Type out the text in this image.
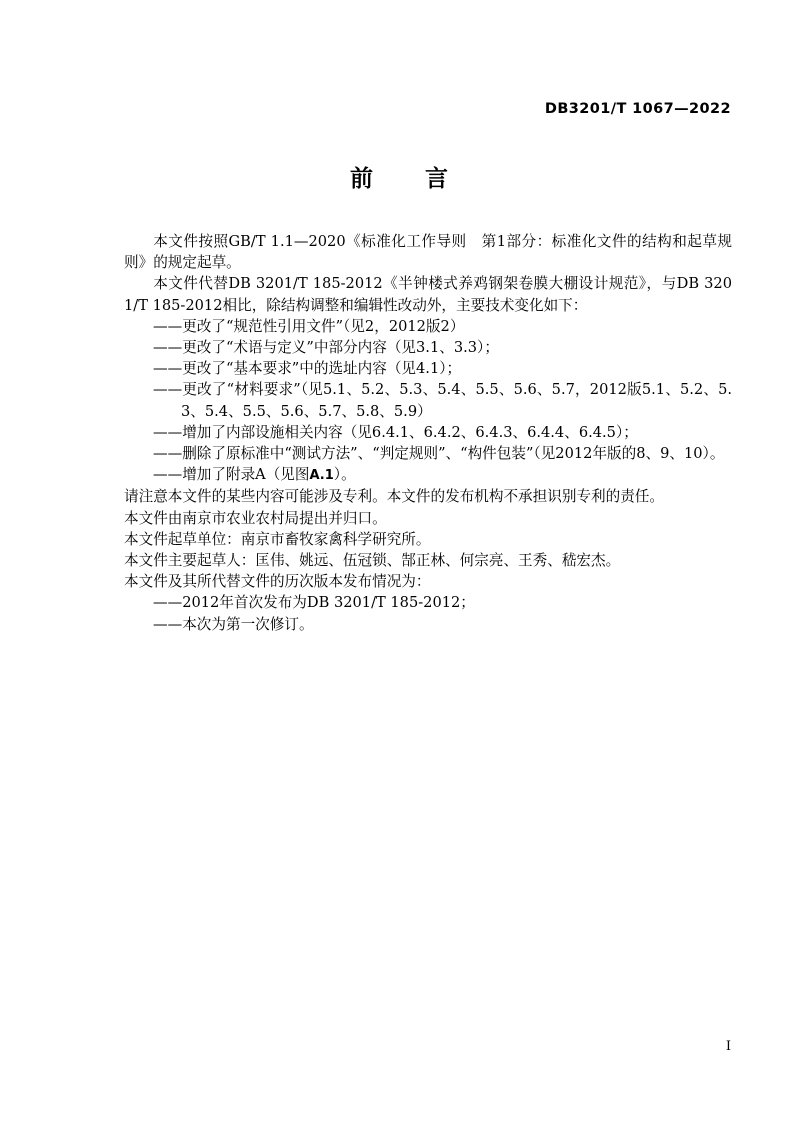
DB3201/T 1067—2022
前　　言

本文件按照GB/T 1.1—2020《标准化工作导则　第1部分：标准化文件的结构和起草规则》的规定起草。

本文件代替DB 3201/T 185-2012《半钟楼式养鸡钢架卷膜大棚设计规范》，与DB 3201/T 185-2012相比，除结构调整和编辑性改动外，主要技术变化如下：

——更改了“规范性引用文件”（见2，2012版2）

——更改了“术语与定义”中部分内容（见3.1、3.3）；

——更改了“基本要求”中的选址内容（见4.1）；

——更改了“材料要求”（见5.1、5.2、5.3、5.4、5.5、5.6、5.7，2012版5.1、5.2、5.3、5.4、5.5、5.6、5.7、5.8、5.9）

——增加了内部设施相关内容（见6.4.1、6.4.2、6.4.3、6.4.4、6.4.5）；

——删除了原标准中“测试方法”、“判定规则”、“构件包装”（见2012年版的8、9、10）。

——增加了附录A（见图A.1）。

请注意本文件的某些内容可能涉及专利。本文件的发布机构不承担识别专利的责任。

本文件由南京市农业农村局提出并归口。

本文件起草单位：南京市畜牧家禽科学研究所。

本文件主要起草人：匡伟、姚远、伍冠锁、郜正林、何宗亮、王秀、嵇宏杰。

本文件及其所代替文件的历次版本发布情况为：

——2012年首次发布为DB 3201/T 185-2012；

——本次为第一次修订。

I
